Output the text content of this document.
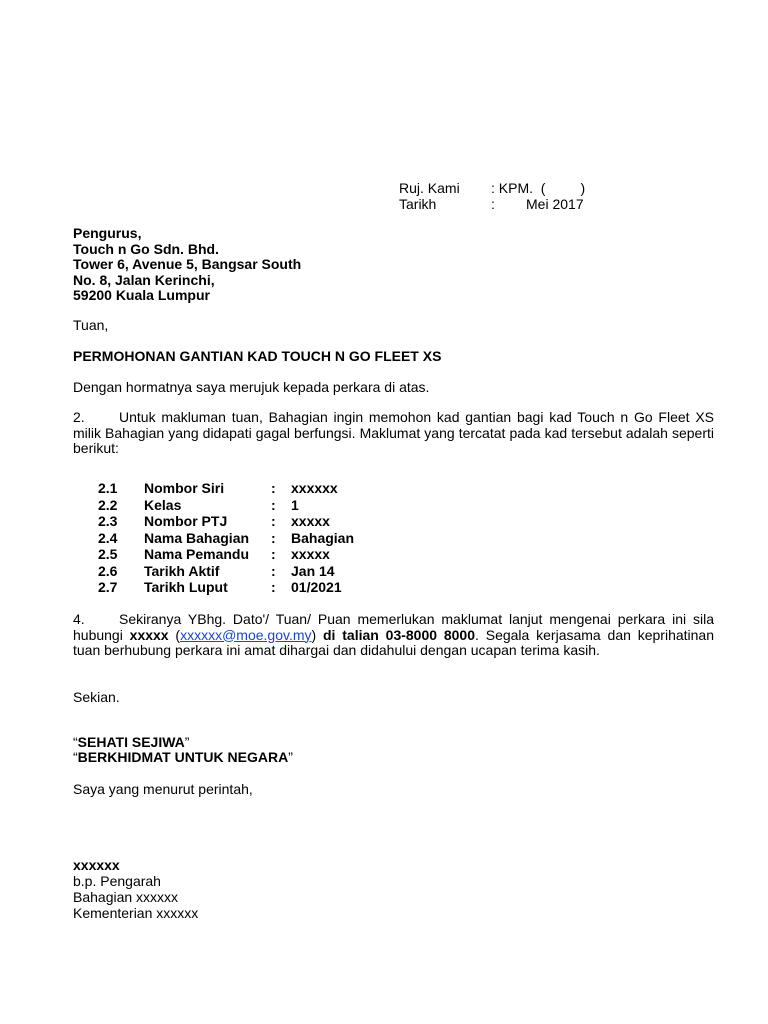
Ruj. Kami	: KPM.  (         )
Tarikh	:        Mei 2017
Pengurus,
Touch n Go Sdn. Bhd.
Tower 6, Avenue 5, Bangsar South
No. 8, Jalan Kerinchi,
59200 Kuala Lumpur
Tuan,
PERMOHONAN GANTIAN KAD TOUCH N GO FLEET XS
Dengan hormatnya saya merujuk kepada perkara di atas.
2. Untuk makluman tuan, Bahagian ingin memohon kad gantian bagi kad Touch n Go Fleet XS milik Bahagian yang didapati gagal berfungsi. Maklumat yang tercatat pada kad tersebut adalah seperti berikut:
2.1	Nombor Siri	:	xxxxxx
2.2	Kelas	:	1
2.3	Nombor PTJ	:	xxxxx
2.4	Nama Bahagian	:	Bahagian
2.5	Nama Pemandu	:	xxxxx
2.6	Tarikh Aktif	:	Jan 14
2.7	Tarikh Luput	:	01/2021
4. Sekiranya YBhg. Dato'/ Tuan/ Puan memerlukan maklumat lanjut mengenai perkara ini sila hubungi xxxxx (xxxxxx@moe.gov.my) di talian 03-8000 8000. Segala kerjasama dan keprihatinan tuan berhubung perkara ini amat dihargai dan didahului dengan ucapan terima kasih.
Sekian.
“SEHATI SEJIWA”
“BERKHIDMAT UNTUK NEGARA”
Saya yang menurut perintah,
xxxxxx
b.p. Pengarah
Bahagian xxxxxx
Kementerian xxxxxx
